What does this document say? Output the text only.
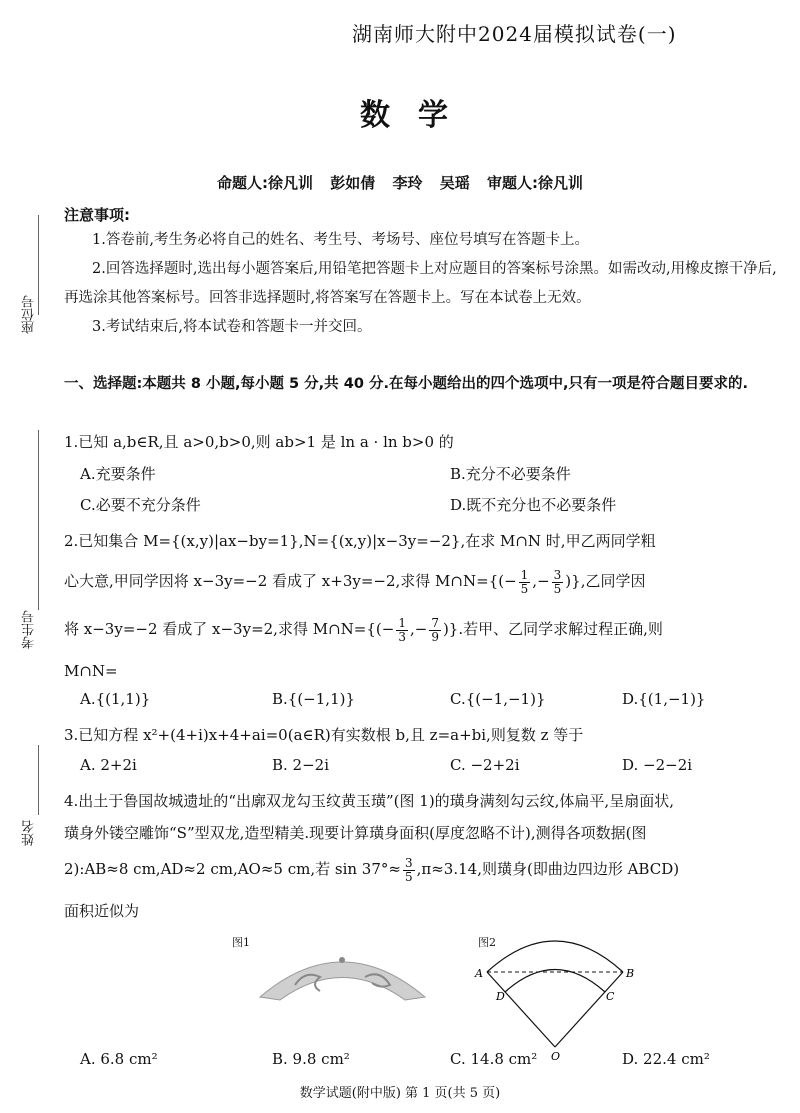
湖南师大附中2024届模拟试卷(一)
数学
命题人:徐凡训 彭如倩 李玲 吴瑶 审题人:徐凡训
座位号
考生号
姓名
注意事项:
1.答卷前,考生务必将自己的姓名、考生号、考场号、座位号填写在答题卡上。
2.回答选择题时,选出每小题答案后,用铅笔把答题卡上对应题目的答案标号涂黑。如需改动,用橡皮擦干净后,再选涂其他答案标号。回答非选择题时,将答案写在答题卡上。写在本试卷上无效。
3.考试结束后,将本试卷和答题卡一并交回。
一、选择题:本题共 8 小题,每小题 5 分,共 40 分.在每小题给出的四个选项中,只有一项是符合题目要求的.
1.已知 a,b∈R,且 a>0,b>0,则 ab>1 是 ln a · ln b>0 的
A.充要条件	B.充分不必要条件
C.必要不充分条件	D.既不充分也不必要条件
2.已知集合 M={(x,y)|ax−by=1},N={(x,y)|x−3y=−2},在求 M∩N 时,甲乙两同学粗
心大意,甲同学因将 x−3y=−2 看成了 x+3y=−2,求得 M∩N={(− $\frac{1}{5}$ ,− $\frac{3}{5}$ )},乙同学因
将 x−3y=−2 看成了 x−3y=2,求得 M∩N={(− $\frac{1}{3}$ ,− $\frac{7}{9}$ )}.若甲、乙同学求解过程正确,则
M∩N=
A.{(1,1)}	B.{(−1,1)}	C.{(−1,−1)}	D.{(1,−1)}
3.已知方程 x²+(4+i)x+4+ai=0(a∈R)有实数根 b,且 z=a+bi,则复数 z 等于
A. 2+2i	B. 2−2i	C. −2+2i	D. −2−2i
4.出土于鲁国故城遗址的“出廓双龙勾玉纹黄玉璜”(图 1)的璜身满刻勾云纹,体扁平,呈扇面状,
璜身外镂空雕饰“S”型双龙,造型精美.现要计算璜身面积(厚度忽略不计),测得各项数据(图
2):AB≈8 cm,AD≈2 cm,AO≈5 cm,若 $\sin 37^\circ\approx \frac{3}{5} ,\pi\approx 3.14$,则璜身(即曲边四边形 ABCD)
面积近似为
图1	图2
A	B
C
D
O
A. 6.8 cm²	B. 9.8 cm²	C. 14.8 cm²	D. 22.4 cm²
数学试题(附中版) 第 1 页(共 5 页)
